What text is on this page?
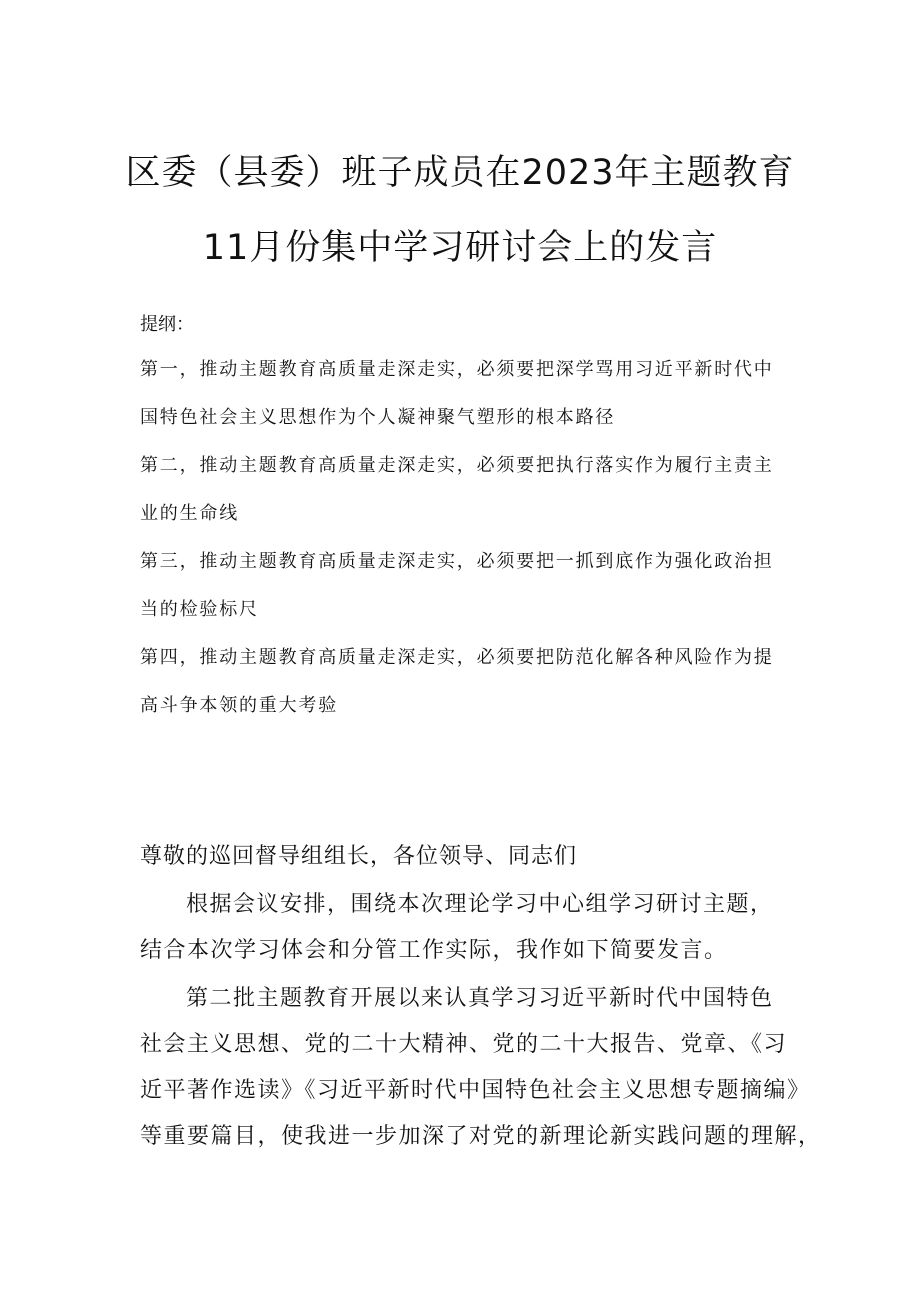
区委（县委）班子成员在2023年主题教育
11月份集中学习研讨会上的发言
提纲：
第一，推动主题教育高质量走深走实，必须要把深学骂用习近平新时代中
国特色社会主义思想作为个人凝神聚气塑形的根本路径
第二，推动主题教育高质量走深走实，必须要把执行落实作为履行主责主
业的生命线
第三，推动主题教育高质量走深走实，必须要把一抓到底作为强化政治担
当的检验标尺
第四，推动主题教育高质量走深走实，必须要把防范化解各种风险作为提
高斗争本领的重大考验
尊敬的巡回督导组组长，各位领导、同志们
根据会议安排，围绕本次理论学习中心组学习研讨主题，
结合本次学习体会和分管工作实际，我作如下简要发言。
第二批主题教育开展以来认真学习习近平新时代中国特色
社会主义思想、党的二十大精神、党的二十大报告、党章、《习
近平著作选读》《习近平新时代中国特色社会主义思想专题摘编》
等重要篇目，使我进一步加深了对党的新理论新实践问题的理解，
